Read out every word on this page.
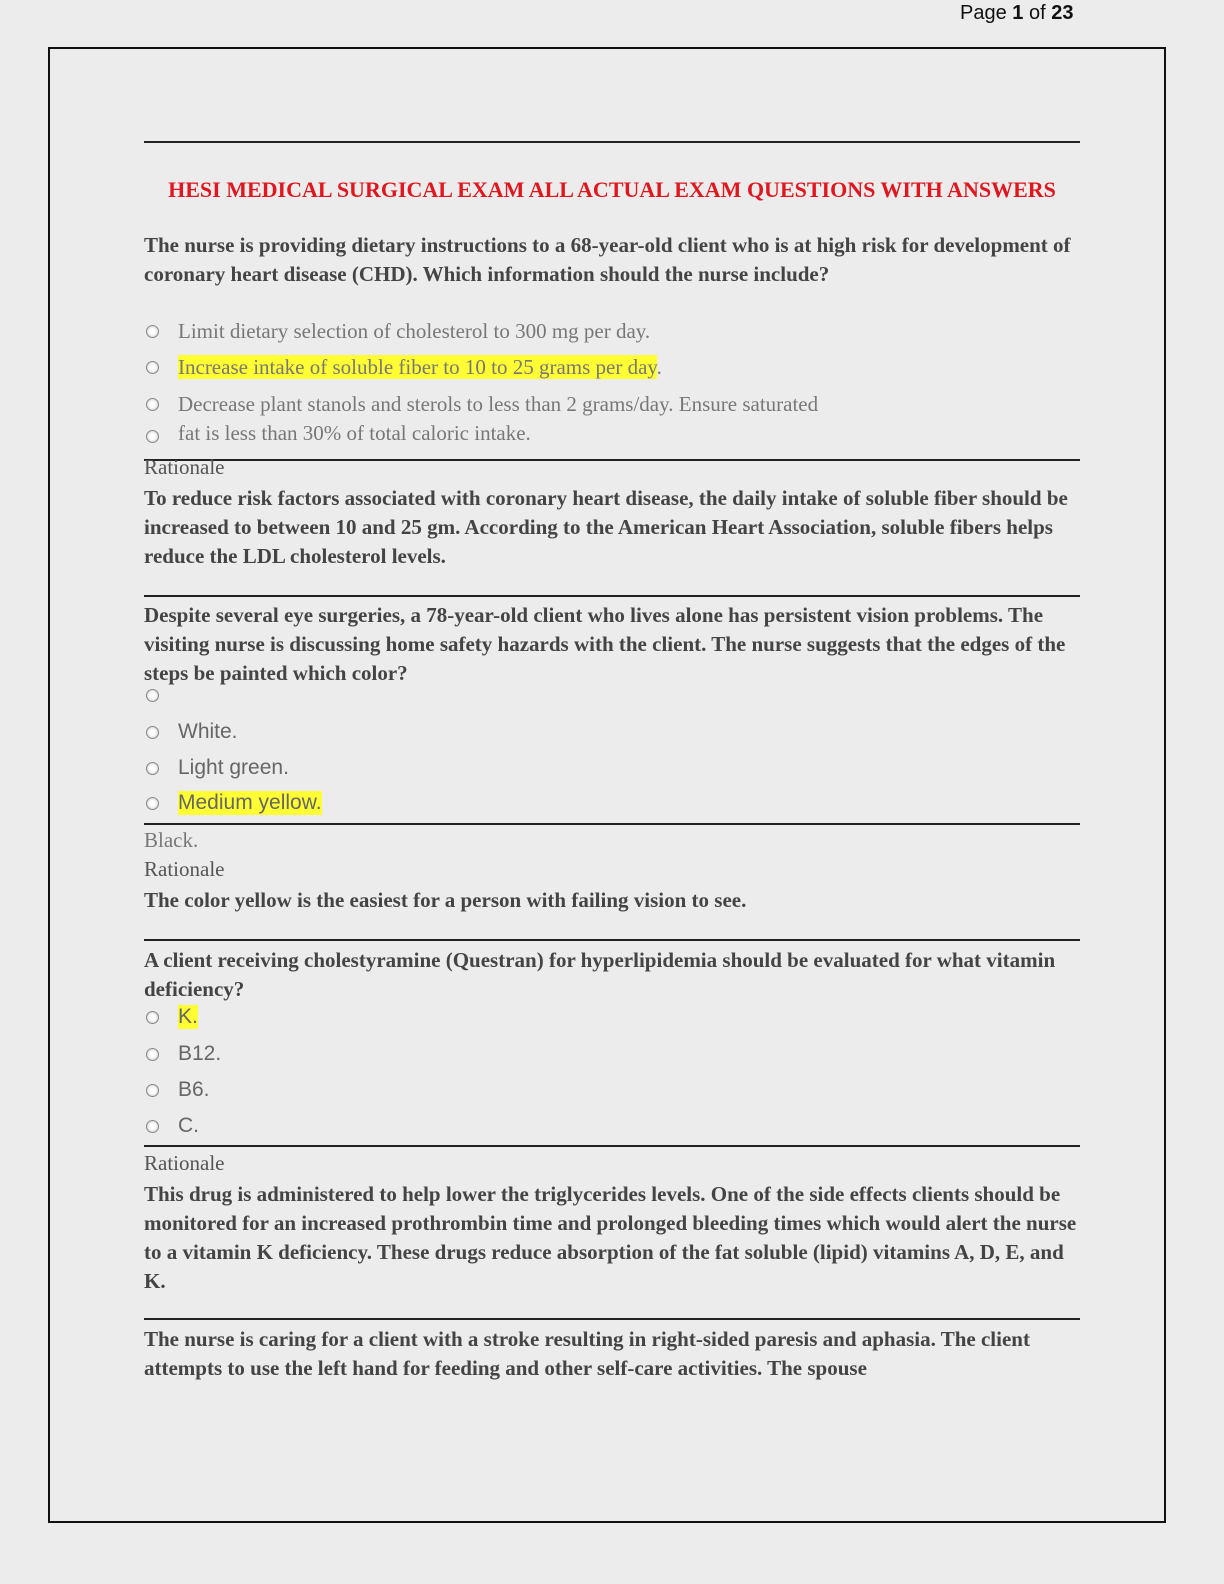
Page 1 of 23
HESI MEDICAL SURGICAL EXAM ALL ACTUAL EXAM QUESTIONS WITH ANSWERS
The nurse is providing dietary instructions to a 68-year-old client who is at high risk for development of coronary heart disease (CHD). Which information should the nurse include?
Limit dietary selection of cholesterol to 300 mg per day.
Increase intake of soluble fiber to 10 to 25 grams per day.
Decrease plant stanols and sterols to less than 2 grams/day. Ensure saturated
fat is less than 30% of total caloric intake.
Rationale
To reduce risk factors associated with coronary heart disease, the daily intake of soluble fiber should be increased to between 10 and 25 gm. According to the American Heart Association, soluble fibers helps reduce the LDL cholesterol levels.
Despite several eye surgeries, a 78-year-old client who lives alone has persistent vision problems. The visiting nurse is discussing home safety hazards with the client. The nurse suggests that the edges of the steps be painted which color?
White.
Light green.
Medium yellow.
Black.
Rationale
The color yellow is the easiest for a person with failing vision to see.
A client receiving cholestyramine (Questran) for hyperlipidemia should be evaluated for what vitamin deficiency?
K.
B12.
B6.
C.
Rationale
This drug is administered to help lower the triglycerides levels. One of the side effects clients should be monitored for an increased prothrombin time and prolonged bleeding times which would alert the nurse to a vitamin K deficiency. These drugs reduce absorption of the fat soluble (lipid) vitamins A, D, E, and K.
The nurse is caring for a client with a stroke resulting in right-sided paresis and aphasia. The client attempts to use the left hand for feeding and other self-care activities. The spouse
